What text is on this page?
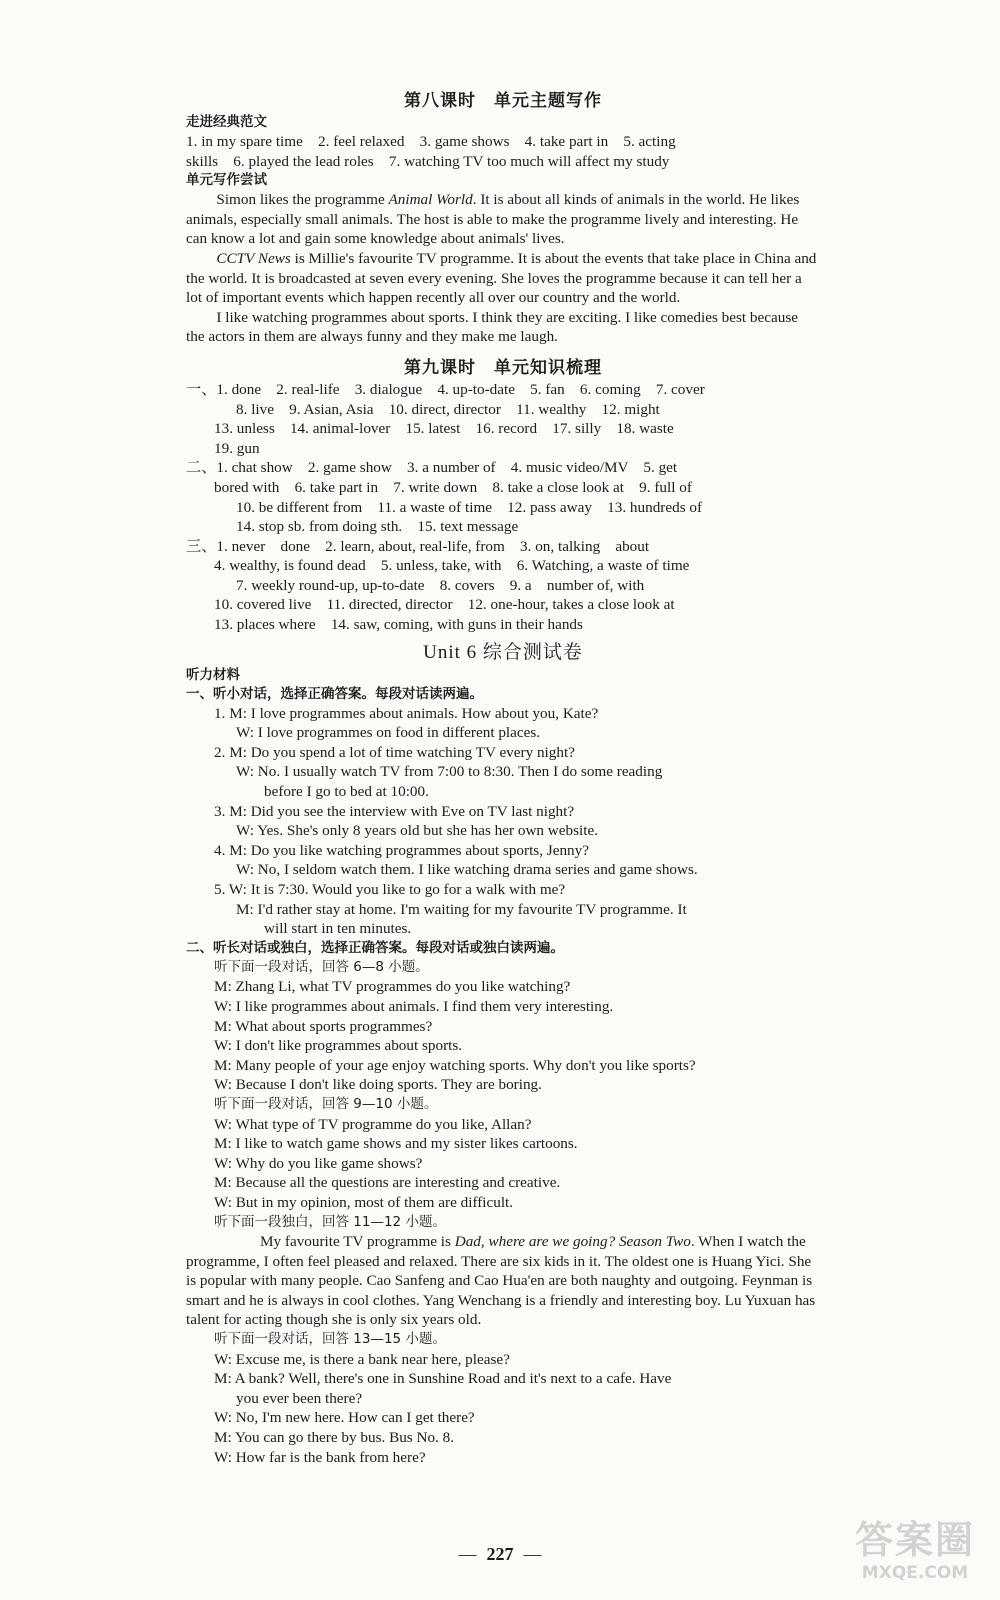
第八课时　单元主题写作
走进经典范文
1. in my spare time　2. feel relaxed　3. game shows　4. take part in　5. acting
skills　6. played the lead roles　7. watching TV too much will affect my study
单元写作尝试
Simon likes the programme Animal World. It is about all kinds of animals in the world. He likes animals, especially small animals. The host is able to make the programme lively and interesting. He can know a lot and gain some knowledge about animals' lives.
CCTV News is Millie's favourite TV programme. It is about the events that take place in China and the world. It is broadcasted at seven every evening. She loves the programme because it can tell her a lot of important events which happen recently all over our country and the world.
I like watching programmes about sports. I think they are exciting. I like comedies best because the actors in them are always funny and they make me laugh.
第九课时　单元知识梳理
一、1. done　2. real-life　3. dialogue　4. up-to-date　5. fan　6. coming　7. cover
8. live　9. Asian, Asia　10. direct, director　11. wealthy　12. might
13. unless　14. animal-lover　15. latest　16. record　17. silly　18. waste
19. gun
二、1. chat show　2. game show　3. a number of　4. music video/MV　5. get
bored with　6. take part in　7. write down　8. take a close look at　9. full of
10. be different from　11. a waste of time　12. pass away　13. hundreds of
14. stop sb. from doing sth.　15. text message
三、1. never　done　2. learn, about, real-life, from　3. on, talking　about
4. wealthy, is found dead　5. unless, take, with　6. Watching, a waste of time
7. weekly round-up, up-to-date　8. covers　9. a　number of, with
10. covered live　11. directed, director　12. one-hour, takes a close look at
13. places where　14. saw, coming, with guns in their hands
Unit 6 综合测试卷
听力材料
一、听小对话，选择正确答案。每段对话读两遍。
1. M: I love programmes about animals. How about you, Kate?
W: I love programmes on food in different places.
2. M: Do you spend a lot of time watching TV every night?
W: No. I usually watch TV from 7:00 to 8:30. Then I do some reading
before I go to bed at 10:00.
3. M: Did you see the interview with Eve on TV last night?
W: Yes. She's only 8 years old but she has her own website.
4. M: Do you like watching programmes about sports, Jenny?
W: No, I seldom watch them. I like watching drama series and game shows.
5. W: It is 7:30. Would you like to go for a walk with me?
M: I'd rather stay at home. I'm waiting for my favourite TV programme. It
will start in ten minutes.
二、听长对话或独白，选择正确答案。每段对话或独白读两遍。
听下面一段对话，回答 6—8 小题。
M: Zhang Li, what TV programmes do you like watching?
W: I like programmes about animals. I find them very interesting.
M: What about sports programmes?
W: I don't like programmes about sports.
M: Many people of your age enjoy watching sports. Why don't you like sports?
W: Because I don't like doing sports. They are boring.
听下面一段对话，回答 9—10 小题。
W: What type of TV programme do you like, Allan?
M: I like to watch game shows and my sister likes cartoons.
W: Why do you like game shows?
M: Because all the questions are interesting and creative.
W: But in my opinion, most of them are difficult.
听下面一段独白，回答 11—12 小题。
My favourite TV programme is Dad, where are we going? Season Two. When I watch the programme, I often feel pleased and relaxed. There are six kids in it. The oldest one is Huang Yici. She is popular with many people. Cao Sanfeng and Cao Hua'en are both naughty and outgoing. Feynman is smart and he is always in cool clothes. Yang Wenchang is a friendly and interesting boy. Lu Yuxuan has talent for acting though she is only six years old.
听下面一段对话，回答 13—15 小题。
W: Excuse me, is there a bank near here, please?
M: A bank? Well, there's one in Sunshine Road and it's next to a cafe. Have
you ever been there?
W: No, I'm new here. How can I get there?
M: You can go there by bus. Bus No. 8.
W: How far is the bank from here?
— 227 —	答案圈
MXQE.COM
